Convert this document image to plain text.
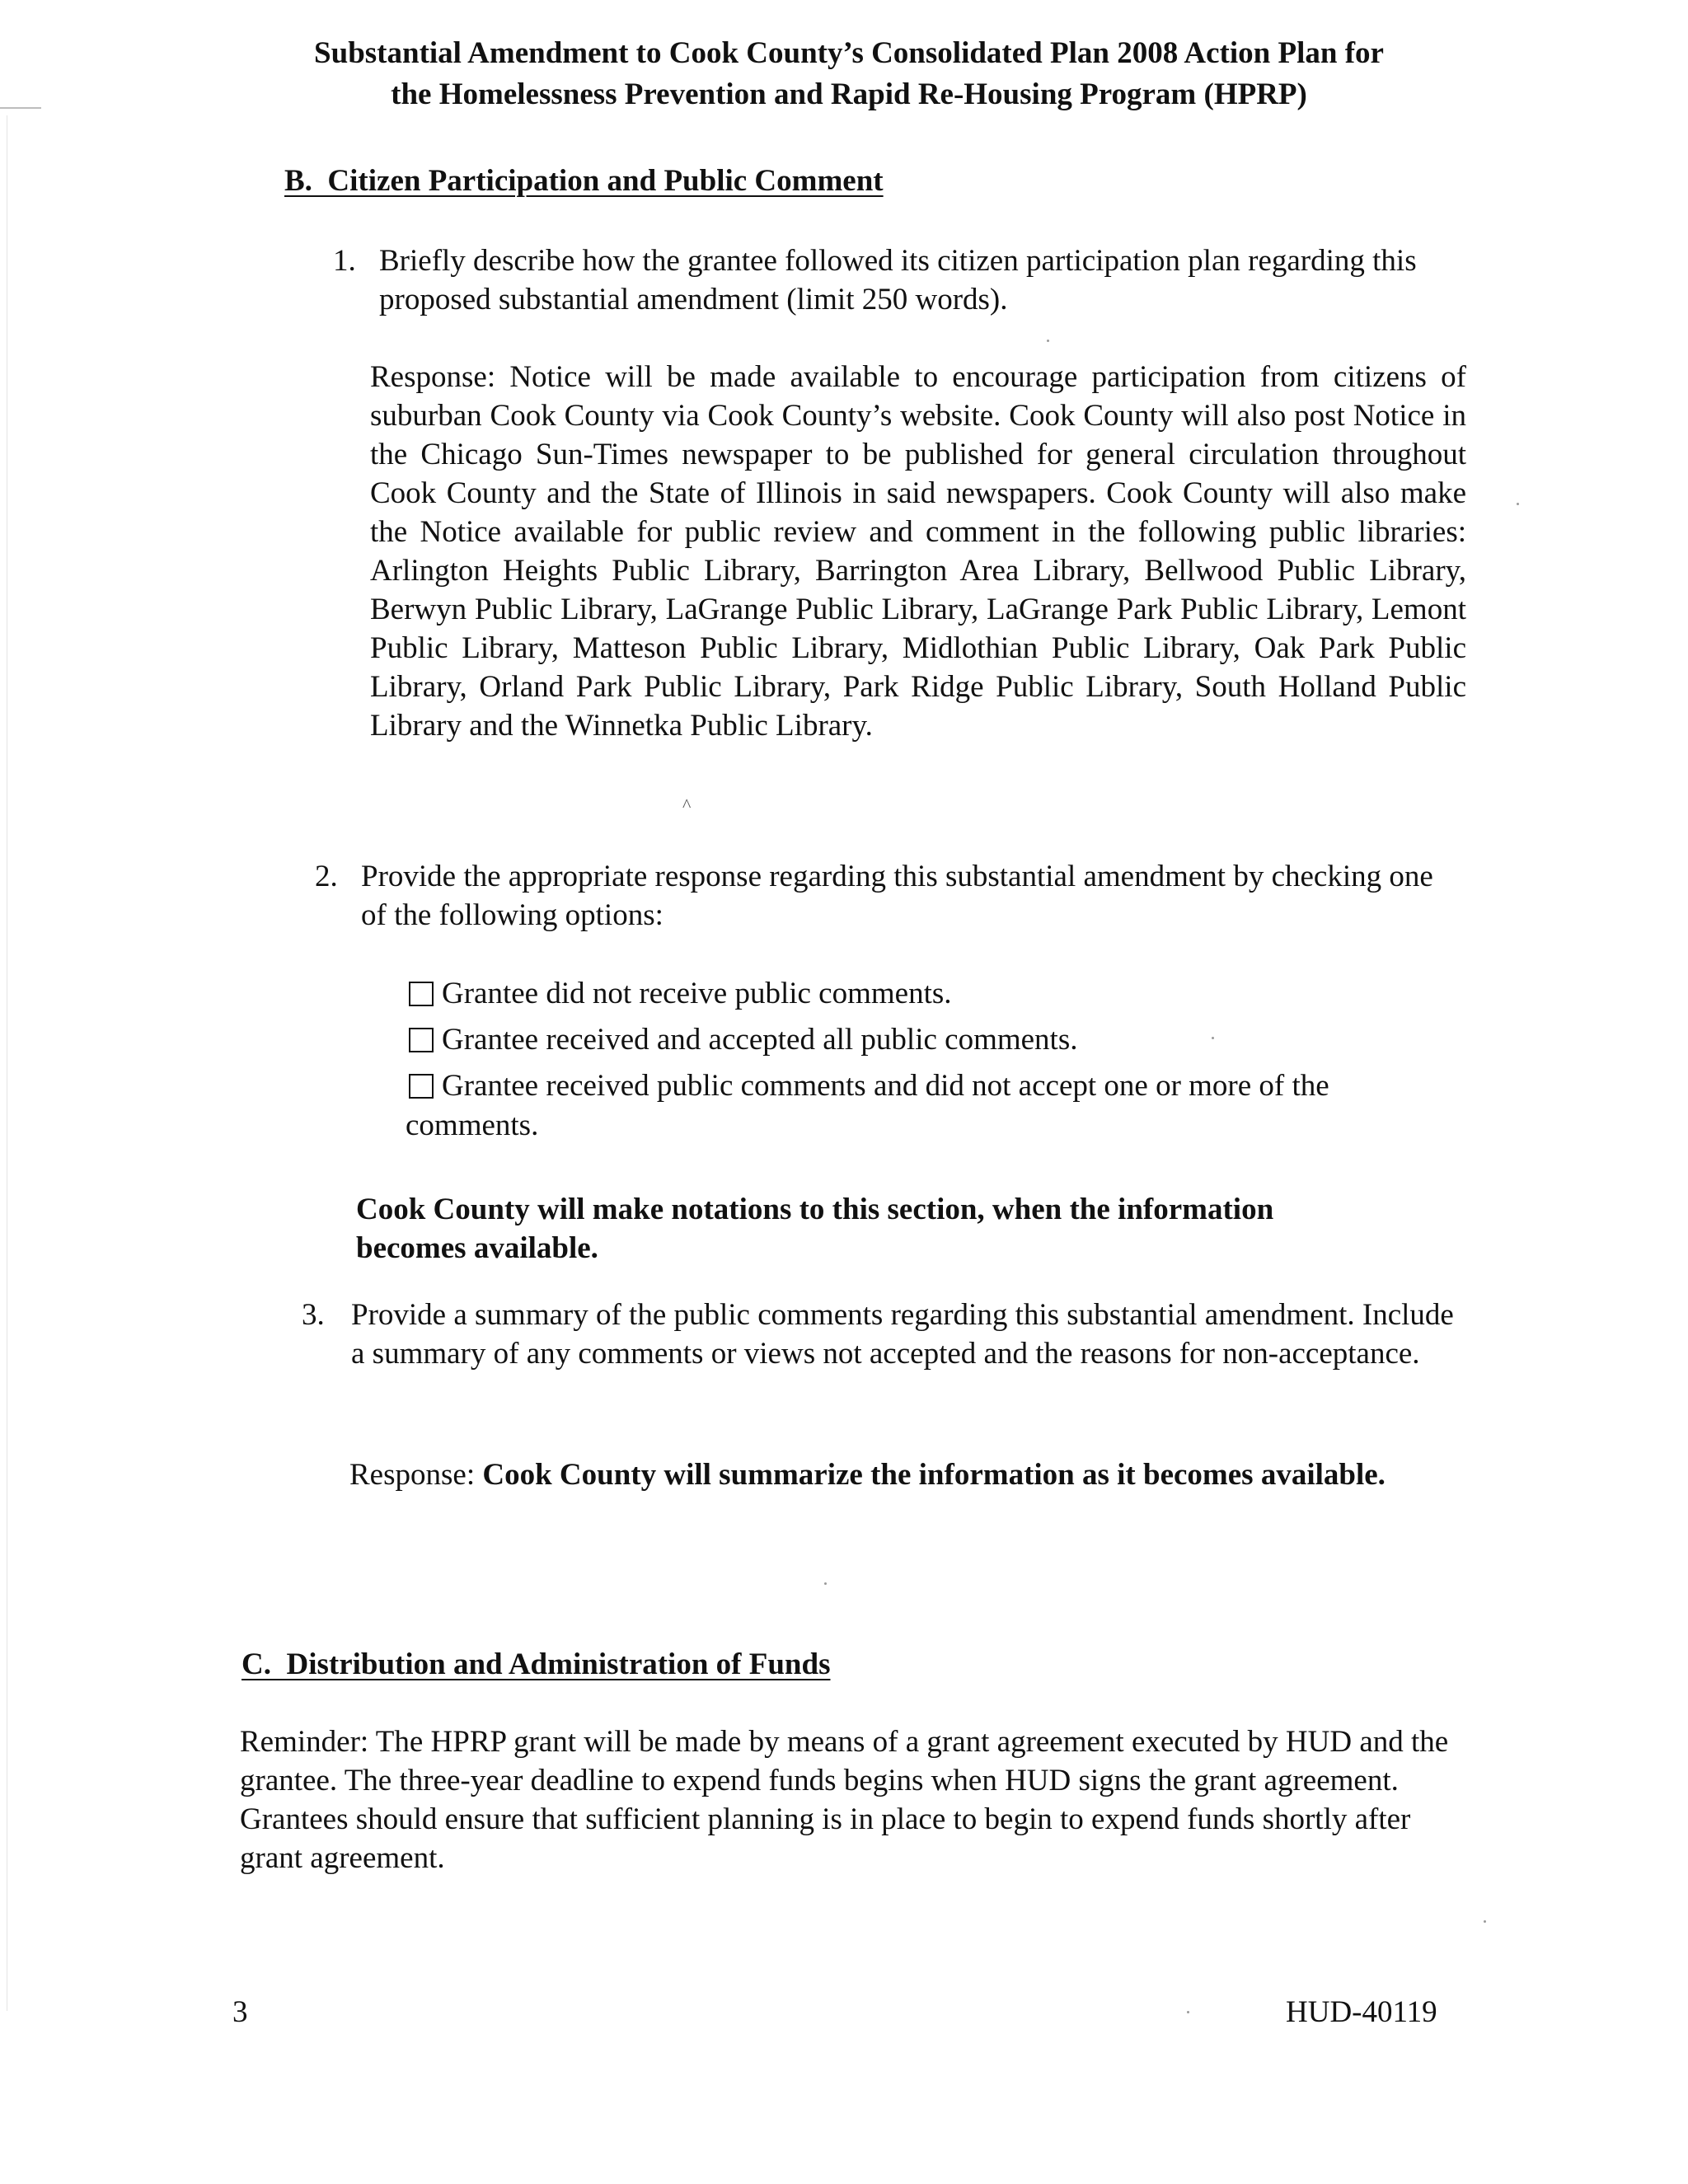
Substantial Amendment to Cook County’s Consolidated Plan 2008 Action Plan for
the Homelessness Prevention and Rapid Re-Housing Program (HPRP)
B.  Citizen Participation and Public Comment
1. Briefly describe how the grantee followed its citizen participation plan regarding this proposed substantial amendment (limit 250 words).
Response: Notice will be made available to encourage participation from citizens of suburban Cook County via Cook County’s website. Cook County will also post Notice in the Chicago Sun-Times newspaper to be published for general circulation throughout Cook County and the State of Illinois in said newspapers. Cook County will also make the Notice available for public review and comment in the following public libraries: Arlington Heights Public Library, Barrington Area Library, Bellwood Public Library, Berwyn Public Library, LaGrange Public Library, LaGrange Park Public Library, Lemont Public Library, Matteson Public Library, Midlothian Public Library, Oak Park Public Library, Orland Park Public Library, Park Ridge Public Library, South Holland Public Library and the Winnetka Public Library.
^
2. Provide the appropriate response regarding this substantial amendment by checking one of the following options:
Grantee did not receive public comments.
Grantee received and accepted all public comments.
Grantee received public comments and did not accept one or more of the
comments.
Cook County will make notations to this section, when the information becomes available.
3. Provide a summary of the public comments regarding this substantial amendment. Include a summary of any comments or views not accepted and the reasons for non-acceptance.
Response: Cook County will summarize the information as it becomes available.
C.  Distribution and Administration of Funds
Reminder: The HPRP grant will be made by means of a grant agreement executed by HUD and the grantee. The three-year deadline to expend funds begins when HUD signs the grant agreement. Grantees should ensure that sufficient planning is in place to begin to expend funds shortly after grant agreement.
3	HUD-40119
